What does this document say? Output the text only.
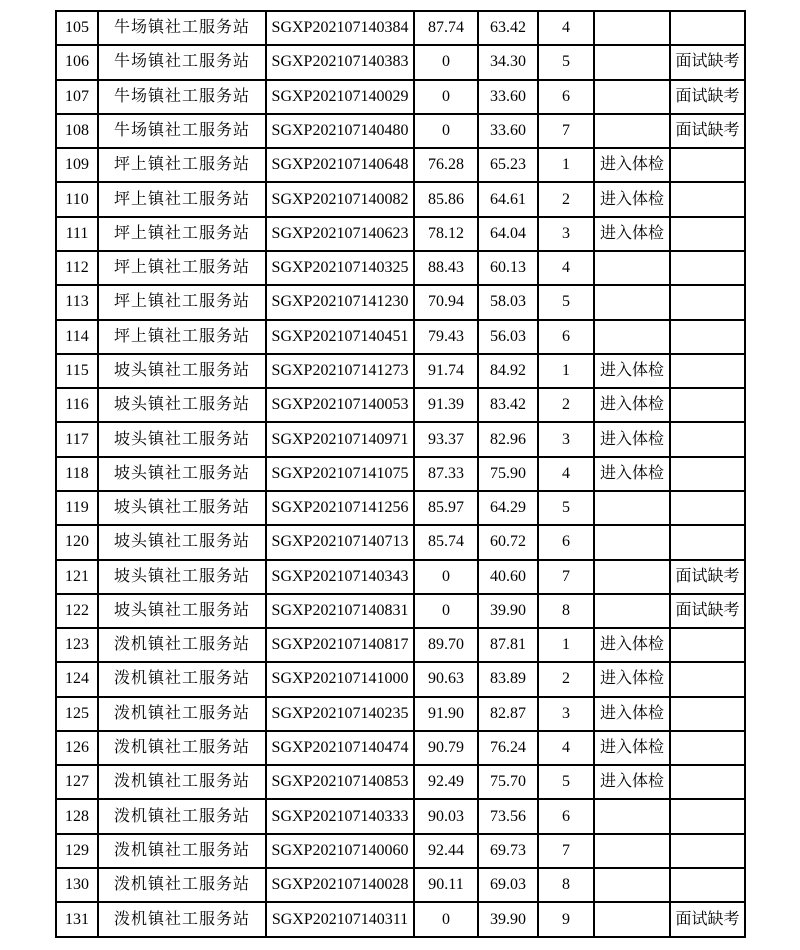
105	牛场镇社工服务站	SGXP202107140384	87.74	63.42	4		
106	牛场镇社工服务站	SGXP202107140383	0	34.30	5		面试缺考
107	牛场镇社工服务站	SGXP202107140029	0	33.60	6		面试缺考
108	牛场镇社工服务站	SGXP202107140480	0	33.60	7		面试缺考
109	坪上镇社工服务站	SGXP202107140648	76.28	65.23	1	进入体检	
110	坪上镇社工服务站	SGXP202107140082	85.86	64.61	2	进入体检	
111	坪上镇社工服务站	SGXP202107140623	78.12	64.04	3	进入体检	
112	坪上镇社工服务站	SGXP202107140325	88.43	60.13	4		
113	坪上镇社工服务站	SGXP202107141230	70.94	58.03	5		
114	坪上镇社工服务站	SGXP202107140451	79.43	56.03	6		
115	坡头镇社工服务站	SGXP202107141273	91.74	84.92	1	进入体检	
116	坡头镇社工服务站	SGXP202107140053	91.39	83.42	2	进入体检	
117	坡头镇社工服务站	SGXP202107140971	93.37	82.96	3	进入体检	
118	坡头镇社工服务站	SGXP202107141075	87.33	75.90	4	进入体检	
119	坡头镇社工服务站	SGXP202107141256	85.97	64.29	5		
120	坡头镇社工服务站	SGXP202107140713	85.74	60.72	6		
121	坡头镇社工服务站	SGXP202107140343	0	40.60	7		面试缺考
122	坡头镇社工服务站	SGXP202107140831	0	39.90	8		面试缺考
123	泼机镇社工服务站	SGXP202107140817	89.70	87.81	1	进入体检	
124	泼机镇社工服务站	SGXP202107141000	90.63	83.89	2	进入体检	
125	泼机镇社工服务站	SGXP202107140235	91.90	82.87	3	进入体检	
126	泼机镇社工服务站	SGXP202107140474	90.79	76.24	4	进入体检	
127	泼机镇社工服务站	SGXP202107140853	92.49	75.70	5	进入体检	
128	泼机镇社工服务站	SGXP202107140333	90.03	73.56	6		
129	泼机镇社工服务站	SGXP202107140060	92.44	69.73	7		
130	泼机镇社工服务站	SGXP202107140028	90.11	69.03	8		
131	泼机镇社工服务站	SGXP202107140311	0	39.90	9		面试缺考
